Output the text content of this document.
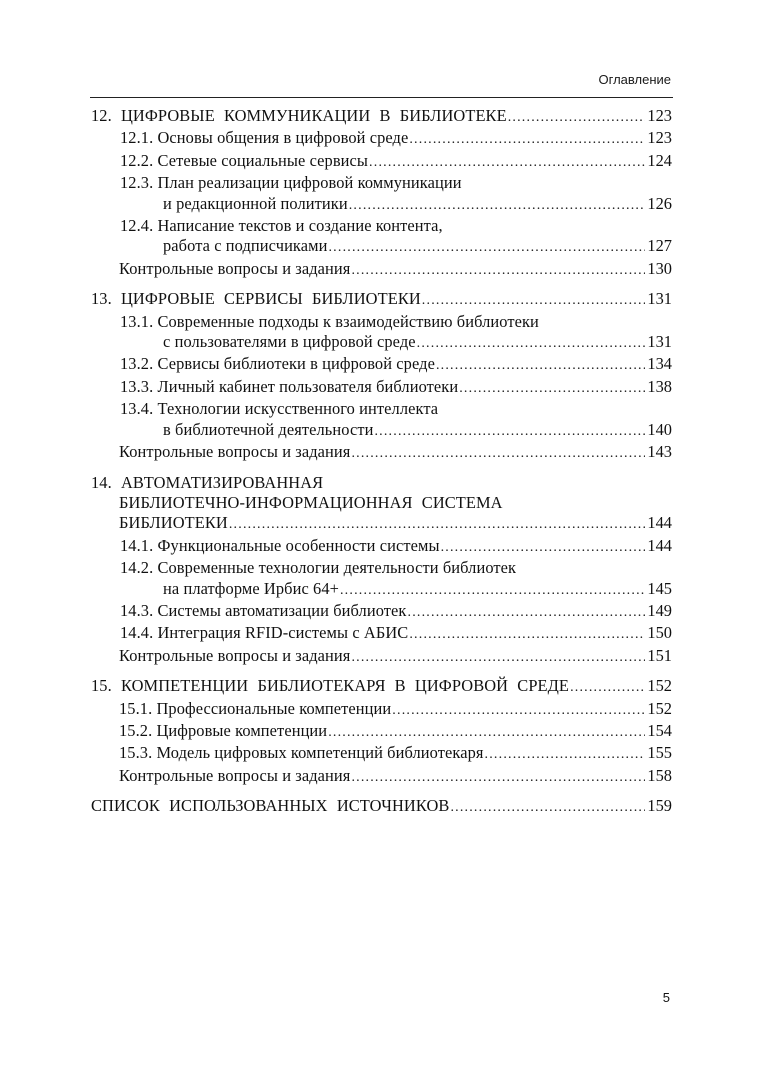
Оглавление
12. ЦИФРОВЫЕ КОММУНИКАЦИИ В БИБЛИОТЕКЕ .....	123
12.1. Основы общения в цифровой среде .....	123
12.2. Сетевые социальные сервисы .....	124
12.3. План реализации цифровой коммуникации
и редакционной политики .....	126
12.4. Написание текстов и создание контента,
работа с подписчиками .....	127
Контрольные вопросы и задания .....	130
13. ЦИФРОВЫЕ СЕРВИСЫ БИБЛИОТЕКИ .....	131
13.1. Современные подходы к взаимодействию библиотеки
с пользователями в цифровой среде .....	131
13.2. Сервисы библиотеки в цифровой среде .....	134
13.3. Личный кабинет пользователя библиотеки .....	138
13.4. Технологии искусственного интеллекта
в библиотечной деятельности .....	140
Контрольные вопросы и задания .....	143
14. АВТОМАТИЗИРОВАННАЯ
БИБЛИОТЕЧНО-ИНФОРМАЦИОННАЯ СИСТЕМА
БИБЛИОТЕКИ .....	144
14.1. Функциональные особенности системы .....	144
14.2. Современные технологии деятельности библиотек
на платформе Ирбис 64+ .....	145
14.3. Системы автоматизации библиотек .....	149
14.4. Интеграция RFID-системы с АБИС .....	150
Контрольные вопросы и задания .....	151
15. КОМПЕТЕНЦИИ БИБЛИОТЕКАРЯ В ЦИФРОВОЙ СРЕДЕ .....	152
15.1. Профессиональные компетенции .....	152
15.2. Цифровые компетенции .....	154
15.3. Модель цифровых компетенций библиотекаря .....	155
Контрольные вопросы и задания .....	158
СПИСОК ИСПОЛЬЗОВАННЫХ ИСТОЧНИКОВ .....	159
5
